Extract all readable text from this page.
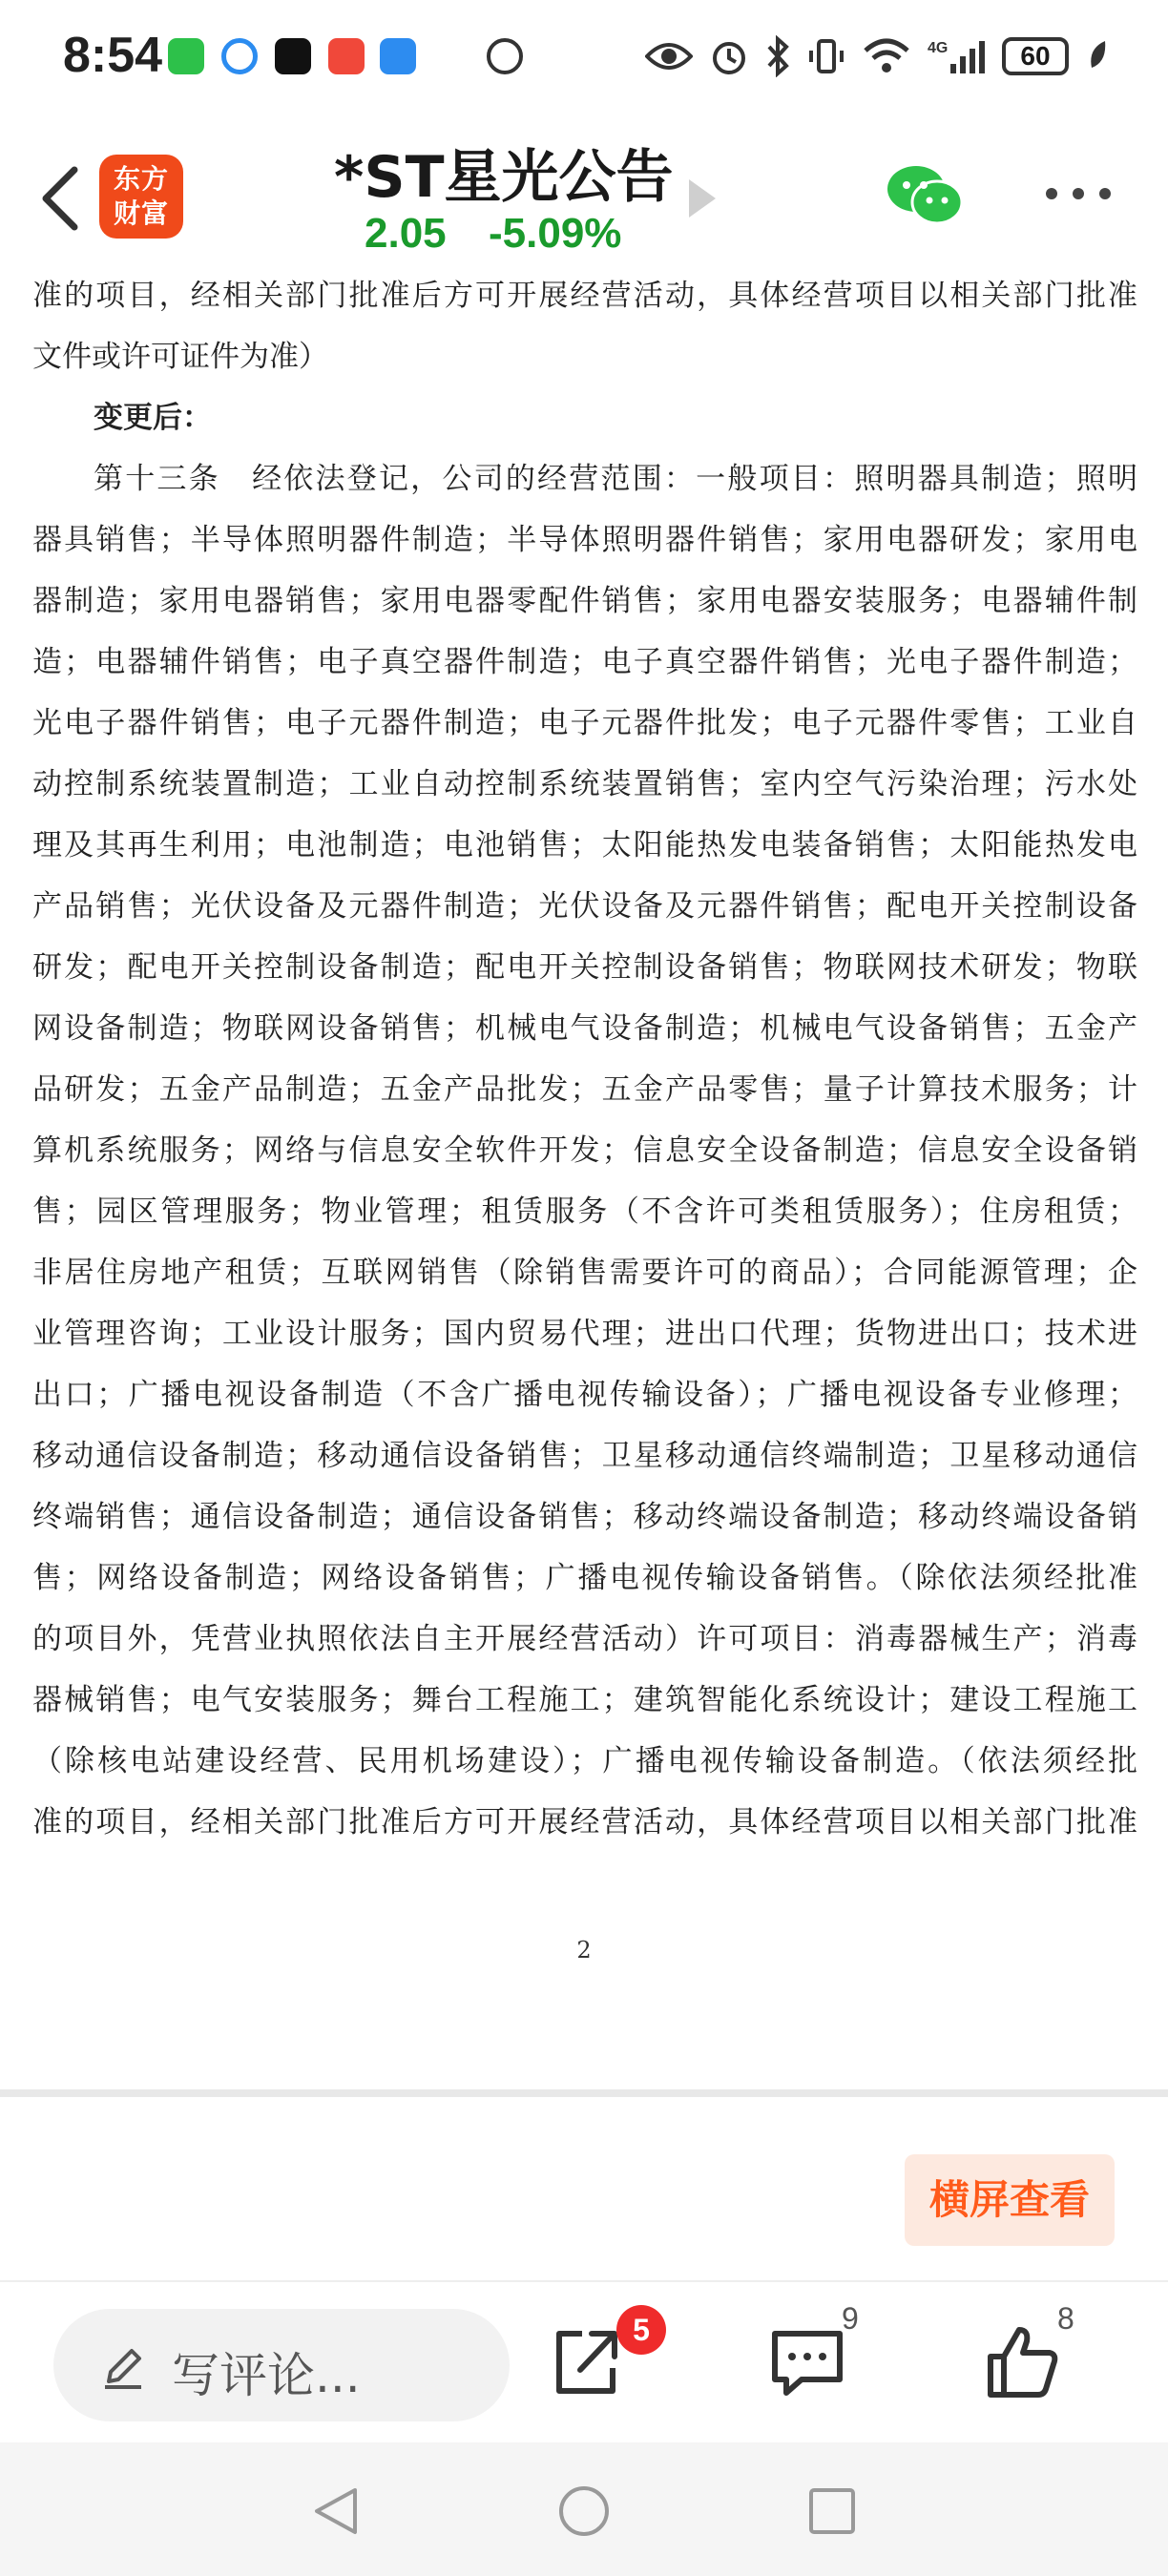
8:54	4G	60
东方
财富
*ST星光公告
2.05 -5.09%
准的项目，经相关部门批准后方可开展经营活动，具体经营项目以相关部门批准
文件或许可证件为准）
变更后：
第十三条　经依法登记，公司的经营范围：一般项目：照明器具制造；照明
器具销售；半导体照明器件制造；半导体照明器件销售；家用电器研发；家用电
器制造；家用电器销售；家用电器零配件销售；家用电器安装服务；电器辅件制
造；电器辅件销售；电子真空器件制造；电子真空器件销售；光电子器件制造；
光电子器件销售；电子元器件制造；电子元器件批发；电子元器件零售；工业自
动控制系统装置制造；工业自动控制系统装置销售；室内空气污染治理；污水处
理及其再生利用；电池制造；电池销售；太阳能热发电装备销售；太阳能热发电
产品销售；光伏设备及元器件制造；光伏设备及元器件销售；配电开关控制设备
研发；配电开关控制设备制造；配电开关控制设备销售；物联网技术研发；物联
网设备制造；物联网设备销售；机械电气设备制造；机械电气设备销售；五金产
品研发；五金产品制造；五金产品批发；五金产品零售；量子计算技术服务；计
算机系统服务；网络与信息安全软件开发；信息安全设备制造；信息安全设备销
售；园区管理服务；物业管理；租赁服务（不含许可类租赁服务）；住房租赁；
非居住房地产租赁；互联网销售（除销售需要许可的商品）；合同能源管理；企
业管理咨询；工业设计服务；国内贸易代理；进出口代理；货物进出口；技术进
出口；广播电视设备制造（不含广播电视传输设备）；广播电视设备专业修理；
移动通信设备制造；移动通信设备销售；卫星移动通信终端制造；卫星移动通信
终端销售；通信设备制造；通信设备销售；移动终端设备制造；移动终端设备销
售；网络设备制造；网络设备销售；广播电视传输设备销售。（除依法须经批准
的项目外，凭营业执照依法自主开展经营活动）许可项目：消毒器械生产；消毒
器械销售；电气安装服务；舞台工程施工；建筑智能化系统设计；建设工程施工
（除核电站建设经营、民用机场建设）；广播电视传输设备制造。（依法须经批
准的项目，经相关部门批准后方可开展经营活动，具体经营项目以相关部门批准
2
横屏查看
写评论...
5	9	8
